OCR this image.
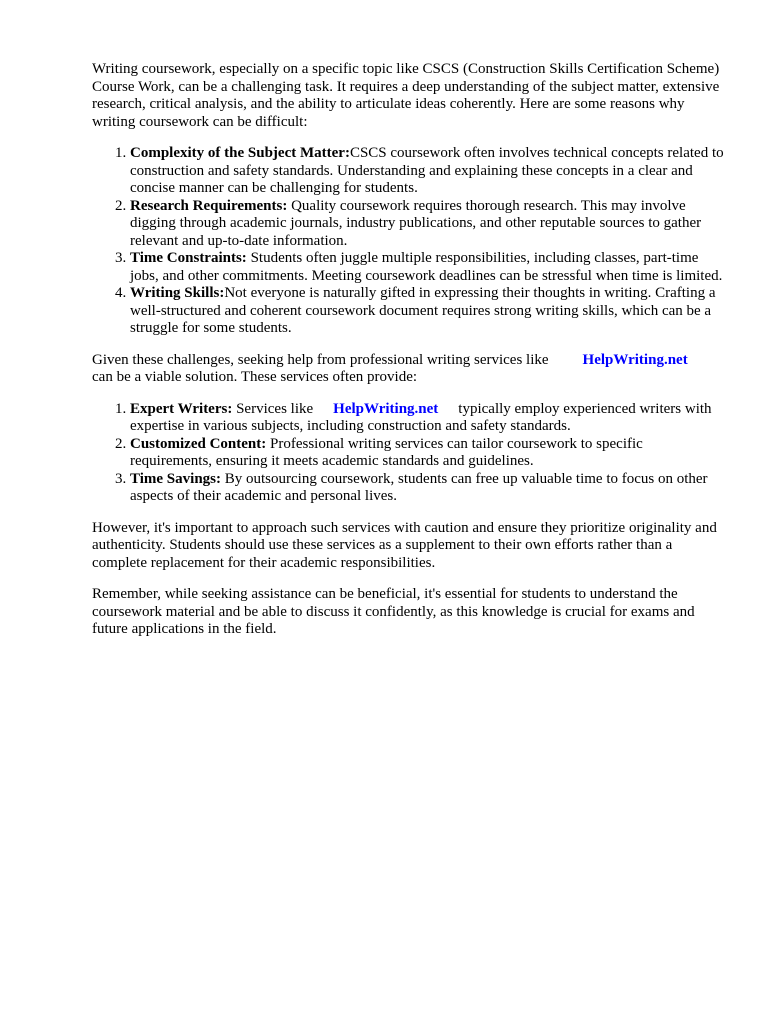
Writing coursework, especially on a specific topic like CSCS (Construction Skills Certification Scheme) Course Work, can be a challenging task. It requires a deep understanding of the subject matter, extensive research, critical analysis, and the ability to articulate ideas coherently. Here are some reasons why writing coursework can be difficult:

1. Complexity of the Subject Matter:CSCS coursework often involves technical concepts related to construction and safety standards. Understanding and explaining these concepts in a clear and concise manner can be challenging for students.
2. Research Requirements: Quality coursework requires thorough research. This may involve digging through academic journals, industry publications, and other reputable sources to gather relevant and up-to-date information.
3. Time Constraints: Students often juggle multiple responsibilities, including classes, part-time jobs, and other commitments. Meeting coursework deadlines can be stressful when time is limited.
4. Writing Skills:Not everyone is naturally gifted in expressing their thoughts in writing. Crafting a well-structured and coherent coursework document requires strong writing skills, which can be a struggle for some students.

Given these challenges, seeking help from professional writing services like HelpWriting.net
can be a viable solution. These services often provide:

1. Expert Writers: Services like HelpWriting.net typically employ experienced writers with expertise in various subjects, including construction and safety standards.
2. Customized Content: Professional writing services can tailor coursework to specific requirements, ensuring it meets academic standards and guidelines.
3. Time Savings: By outsourcing coursework, students can free up valuable time to focus on other aspects of their academic and personal lives.

However, it's important to approach such services with caution and ensure they prioritize originality and authenticity. Students should use these services as a supplement to their own efforts rather than a complete replacement for their academic responsibilities.

Remember, while seeking assistance can be beneficial, it's essential for students to understand the coursework material and be able to discuss it confidently, as this knowledge is crucial for exams and future applications in the field.
